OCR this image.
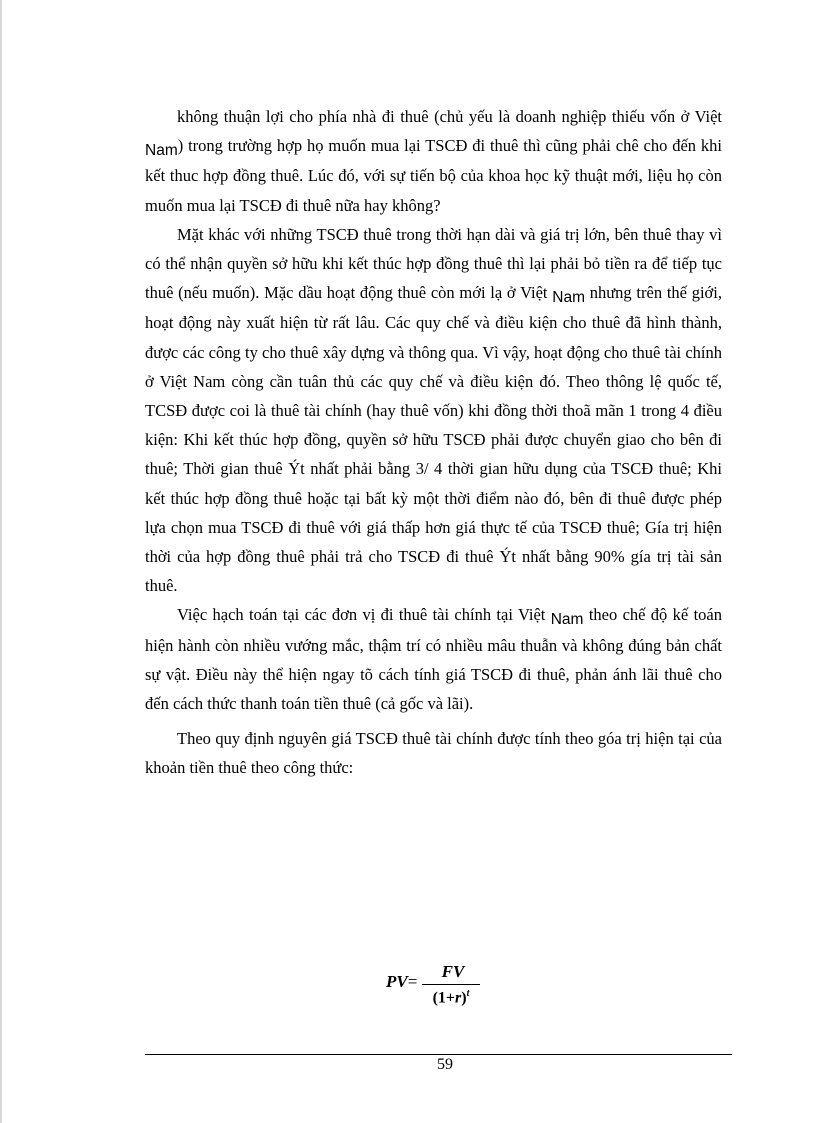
không thuận lợi cho phía nhà đi thuê (chủ yếu là doanh nghiệp thiếu vốn ở Việt Nam) trong trường hợp họ muốn mua lại TSCĐ đi thuê thì cũng phải chê cho đến khi kết thuc hợp đồng thuê. Lúc đó, với sự tiến bộ của khoa học kỹ thuật mới, liệu họ còn muốn mua lại TSCĐ đi thuê nữa hay không?

Mặt khác với những TSCĐ thuê trong thời hạn dài và giá trị lớn, bên thuê thay vì có thể nhận quyền sở hữu khi kết thúc hợp đồng thuê thì lại phải bỏ tiền ra để tiếp tục thuê (nếu muốn). Mặc dầu hoạt động thuê còn mới lạ ở Việt Nam nhưng trên thế giới, hoạt động này xuất hiện từ rất lâu. Các quy chế và điều kiện cho thuê đã hình thành, được các công ty cho thuê xây dựng và thông qua. Vì vậy, hoạt động cho thuê tài chính ở Việt Nam còng cần tuân thủ các quy chế và điều kiện đó. Theo thông lệ quốc tế, TCSĐ được coi là thuê tài chính (hay thuê vốn) khi đồng thời thoã mãn 1 trong 4 điều kiện: Khi kết thúc hợp đồng, quyền sở hữu TSCĐ phải được chuyển giao cho bên đi thuê; Thời gian thuê Ýt nhất phải bằng 3/ 4 thời gian hữu dụng của TSCĐ thuê; Khi kết thúc hợp đồng thuê hoặc tại bất kỳ một thời điểm nào đó, bên đi thuê được phép lựa chọn mua TSCĐ đi thuê với giá thấp hơn giá thực tế của TSCĐ thuê; Gía trị hiện thời của hợp đồng thuê phải trả cho TSCĐ đi thuê Ýt nhất bằng 90% gía trị tài sản thuê.

Việc hạch toán tại các đơn vị đi thuê tài chính tại Việt Nam theo chế độ kế toán hiện hành còn nhiều vướng mắc, thậm trí có nhiều mâu thuẫn và không đúng bản chất sự vật. Điều này thể hiện ngay tõ cách tính giá TSCĐ đi thuê, phản ánh lãi thuê cho đến cách thức thanh toán tiền thuê (cả gốc và lãi).

Theo quy định nguyên giá TSCĐ thuê tài chính được tính theo góa trị hiện tại của khoản tiền thuê theo công thức:

PV=
FV
$(1+r)^t$
59
